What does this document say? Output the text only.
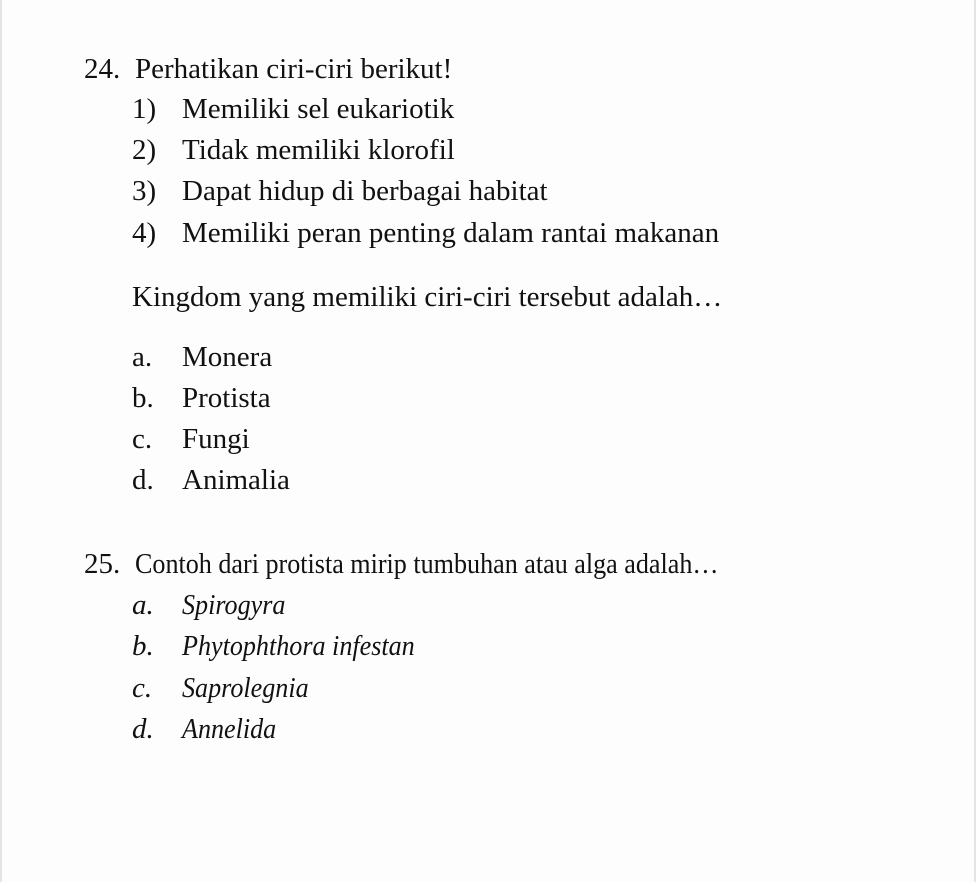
24. Perhatikan ciri-ciri berikut!
1) Memiliki sel eukariotik
2) Tidak memiliki klorofil
3) Dapat hidup di berbagai habitat
4) Memiliki peran penting dalam rantai makanan
Kingdom yang memiliki ciri-ciri tersebut adalah…
a. Monera
b. Protista
c. Fungi
d. Animalia
25. Contoh dari protista mirip tumbuhan atau alga adalah…
a. Spirogyra
b. Phytophthora infestan
c. Saprolegnia
d. Annelida
